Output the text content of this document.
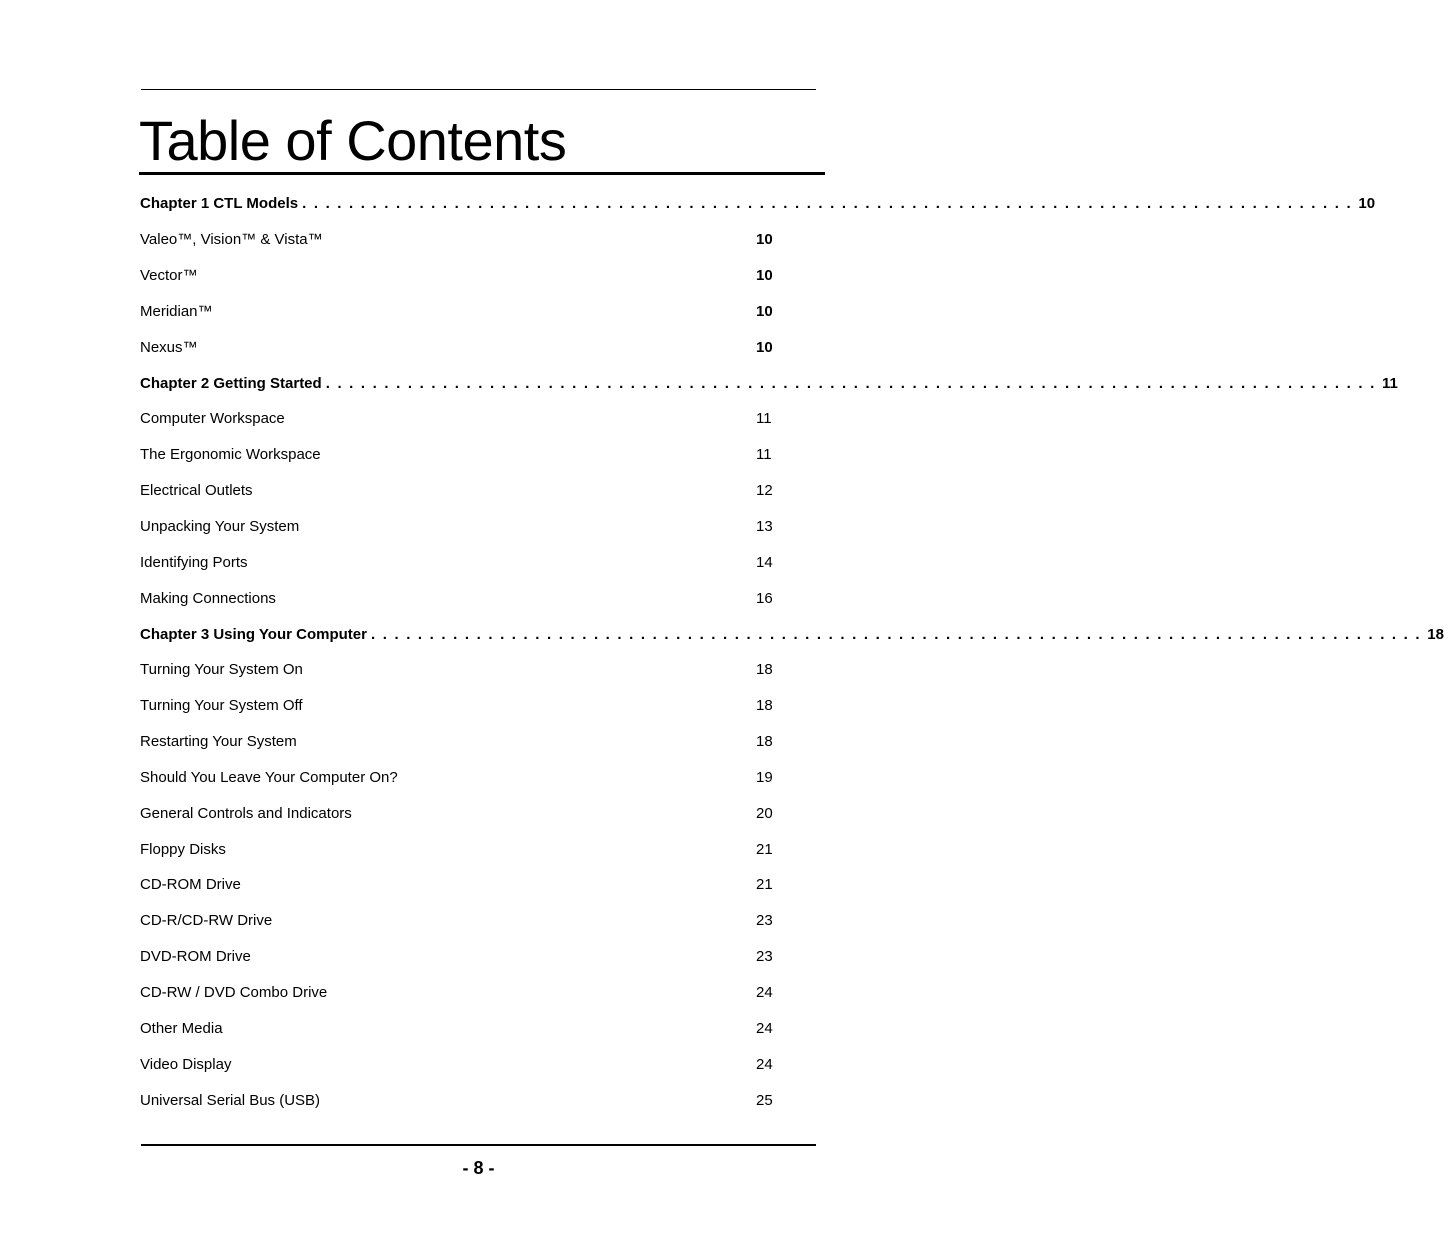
Table of Contents
Chapter 1 CTL Models . . . . . . . . . . . . . . . . . . . . . . . . . . . . . . . . . . . . . . . . . . . . . . . . . . . . . . . . . . . . . . . . . . . . . . . . . . . . . . . . . . . . . . . . . . 10
Valeo™, Vision™ & Vista™	10
Vector™	10
Meridian™	10
Nexus™	10
Chapter 2 Getting Started . . . . . . . . . . . . . . . . . . . . . . . . . . . . . . . . . . . . . . . . . . . . . . . . . . . . . . . . . . . . . . . . . . . . . . . . . . . . . . . . . . . . . . . . . . 11
Computer Workspace	11
The Ergonomic Workspace	11
Electrical Outlets	12
Unpacking Your System	13
Identifying Ports	14
Making Connections	16
Chapter 3 Using Your Computer . . . . . . . . . . . . . . . . . . . . . . . . . . . . . . . . . . . . . . . . . . . . . . . . . . . . . . . . . . . . . . . . . . . . . . . . . . . . . . . . . . . . . . . . . . 18
Turning Your System On	18
Turning Your System Off	18
Restarting Your System	18
Should You Leave Your Computer On?	19
General Controls and Indicators	20
Floppy Disks	21
CD-ROM Drive	21
CD-R/CD-RW Drive	23
DVD-ROM Drive	23
CD-RW / DVD Combo Drive	24
Other Media	24
Video Display	24
Universal Serial Bus (USB)	25
- 8 -
